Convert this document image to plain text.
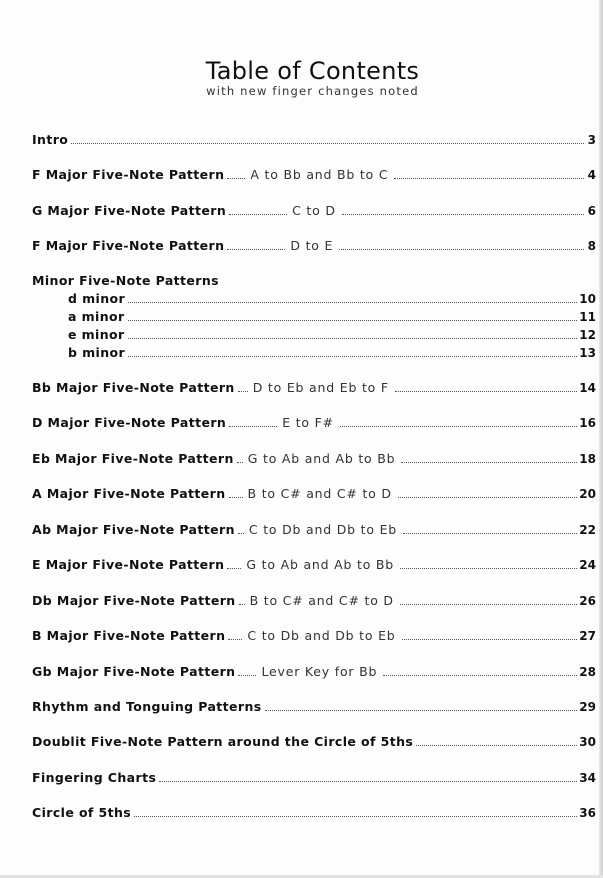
Table of Contents
with new finger changes noted
Intro	3
F Major Five-Note Pattern A to Bb and Bb to C	4
G Major Five-Note Pattern	C to D	6
F Major Five-Note Pattern	D to E	8
Minor Five-Note Patterns
d minor	10
a minor	11
e minor	12
b minor	13
Bb Major Five-Note Pattern D to Eb and Eb to F	14
D Major Five-Note Pattern	E to F#	16
Eb Major Five-Note Pattern G to Ab and Ab to Bb	18
A Major Five-Note Pattern B to C# and C# to D	20
Ab Major Five-Note Pattern C to Db and Db to Eb	22
E Major Five-Note Pattern G to Ab and Ab to Bb	24
Db Major Five-Note Pattern B to C# and C# to D	26
B Major Five-Note Pattern C to Db and Db to Eb	27
Gb Major Five-Note Pattern Lever Key for Bb	28
Rhythm and Tonguing Patterns	29
Doublit Five-Note Pattern around the Circle of 5ths	30
Fingering Charts	34
Circle of 5ths	36
